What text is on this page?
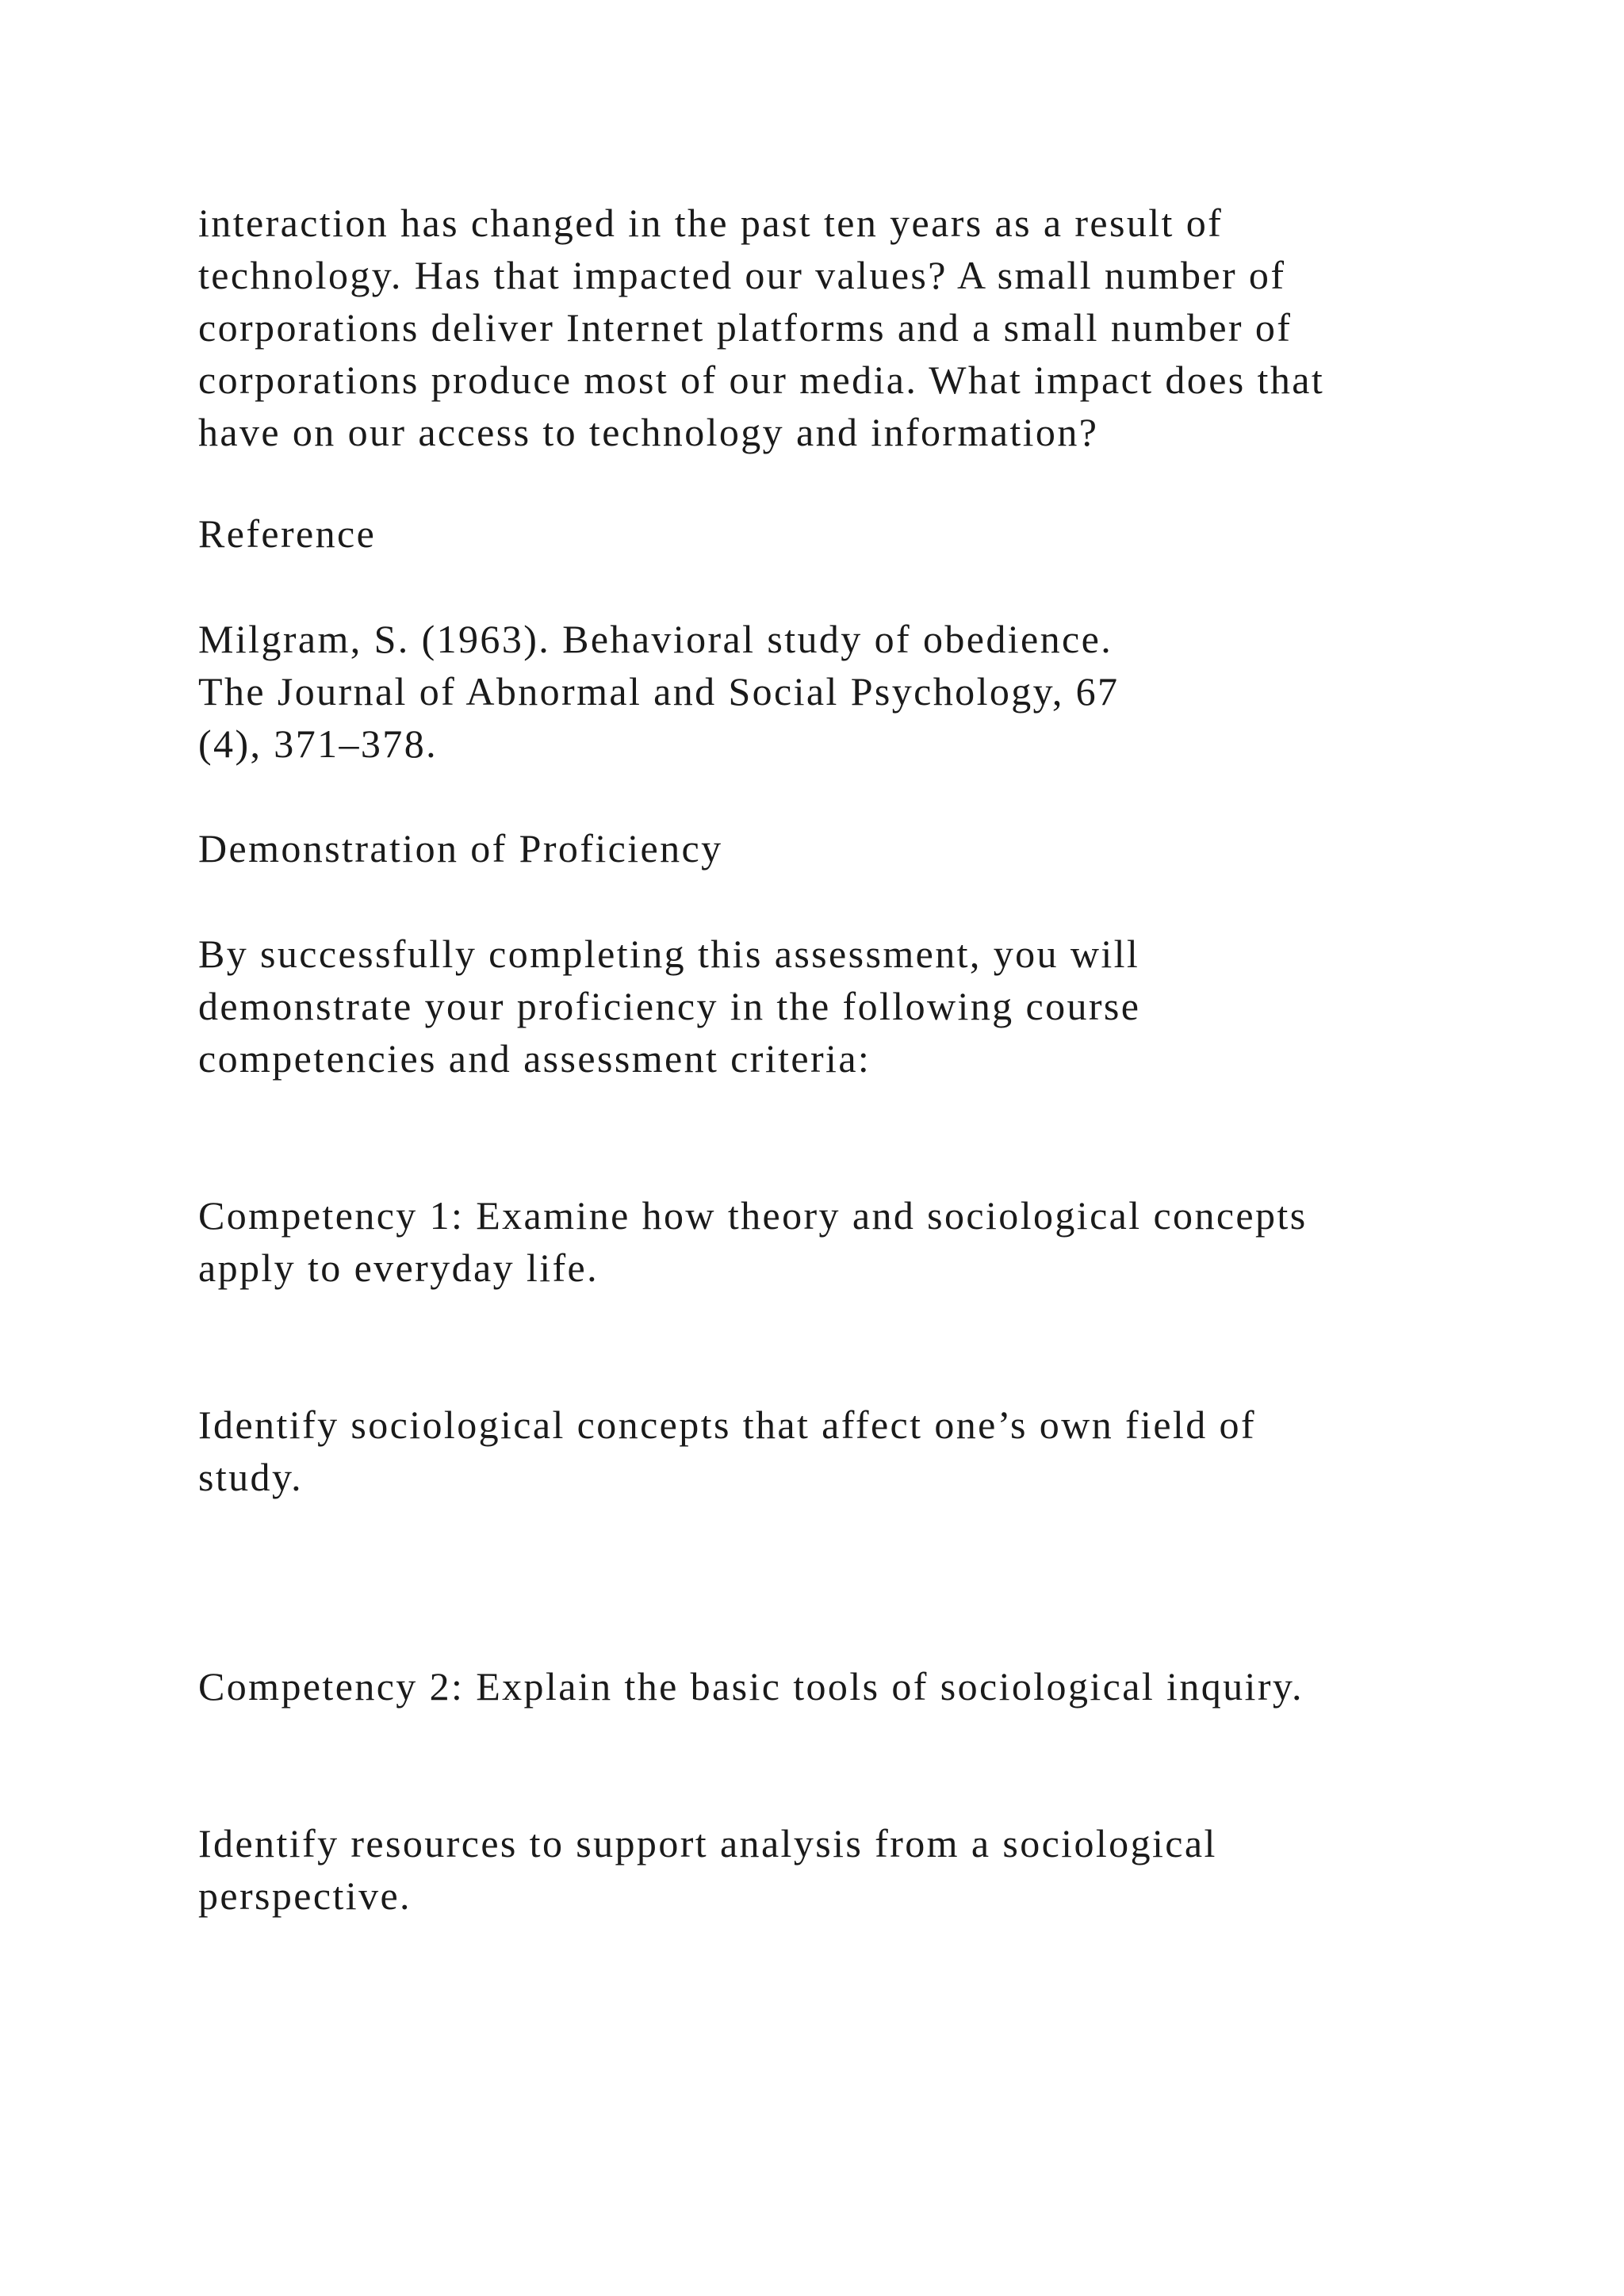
interaction has changed in the past ten years as a result of
technology. Has that impacted our values? A small number of
corporations deliver Internet platforms and a small number of
corporations produce most of our media. What impact does that
have on our access to technology and information?

Reference

Milgram, S. (1963). Behavioral study of obedience.
The Journal of Abnormal and Social Psychology, 67
(4), 371–378.

Demonstration of Proficiency

By successfully completing this assessment, you will
demonstrate your proficiency in the following course
competencies and assessment criteria:

Competency 1: Examine how theory and sociological concepts
apply to everyday life.

Identify sociological concepts that affect one’s own field of
study.

Competency 2: Explain the basic tools of sociological inquiry.

Identify resources to support analysis from a sociological
perspective.
